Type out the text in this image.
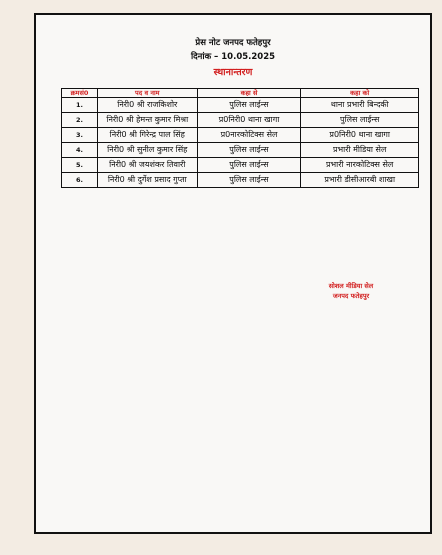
प्रेस नोट जनपद फतेहपुर
दिनांक – 10.05.2025
स्थानान्तरण
क्रमसं0	पद व नाम	कहा से	कहा को
1.	निरी0 श्री राजकिशोर	पुलिस लाईन्स	थाना प्रभारी बिन्दकी
2.	निरी0 श्री हेमन्त कुमार मिश्रा	प्र0निरी0 थाना खागा	पुलिस लाईन्स
3.	निरी0 श्री गिरेन्द्र पाल सिंह	प्र0नारकोटिक्स सेल	प्र0निरी0 थाना खागा
4.	निरी0 श्री सुनील कुमार सिंह	पुलिस लाईन्स	प्रभारी मीडिया सेल
5.	निरी0 श्री जयशंकर तिवारी	पुलिस लाईन्स	प्रभारी नारकोटिक्स सेल
6.	निरी0 श्री दुर्गेश प्रसाद गुप्ता	पुलिस लाईन्स	प्रभारी डीसीआरबी शाखा
सोशल मीडिया सेल
जनपद फतेहपुर
